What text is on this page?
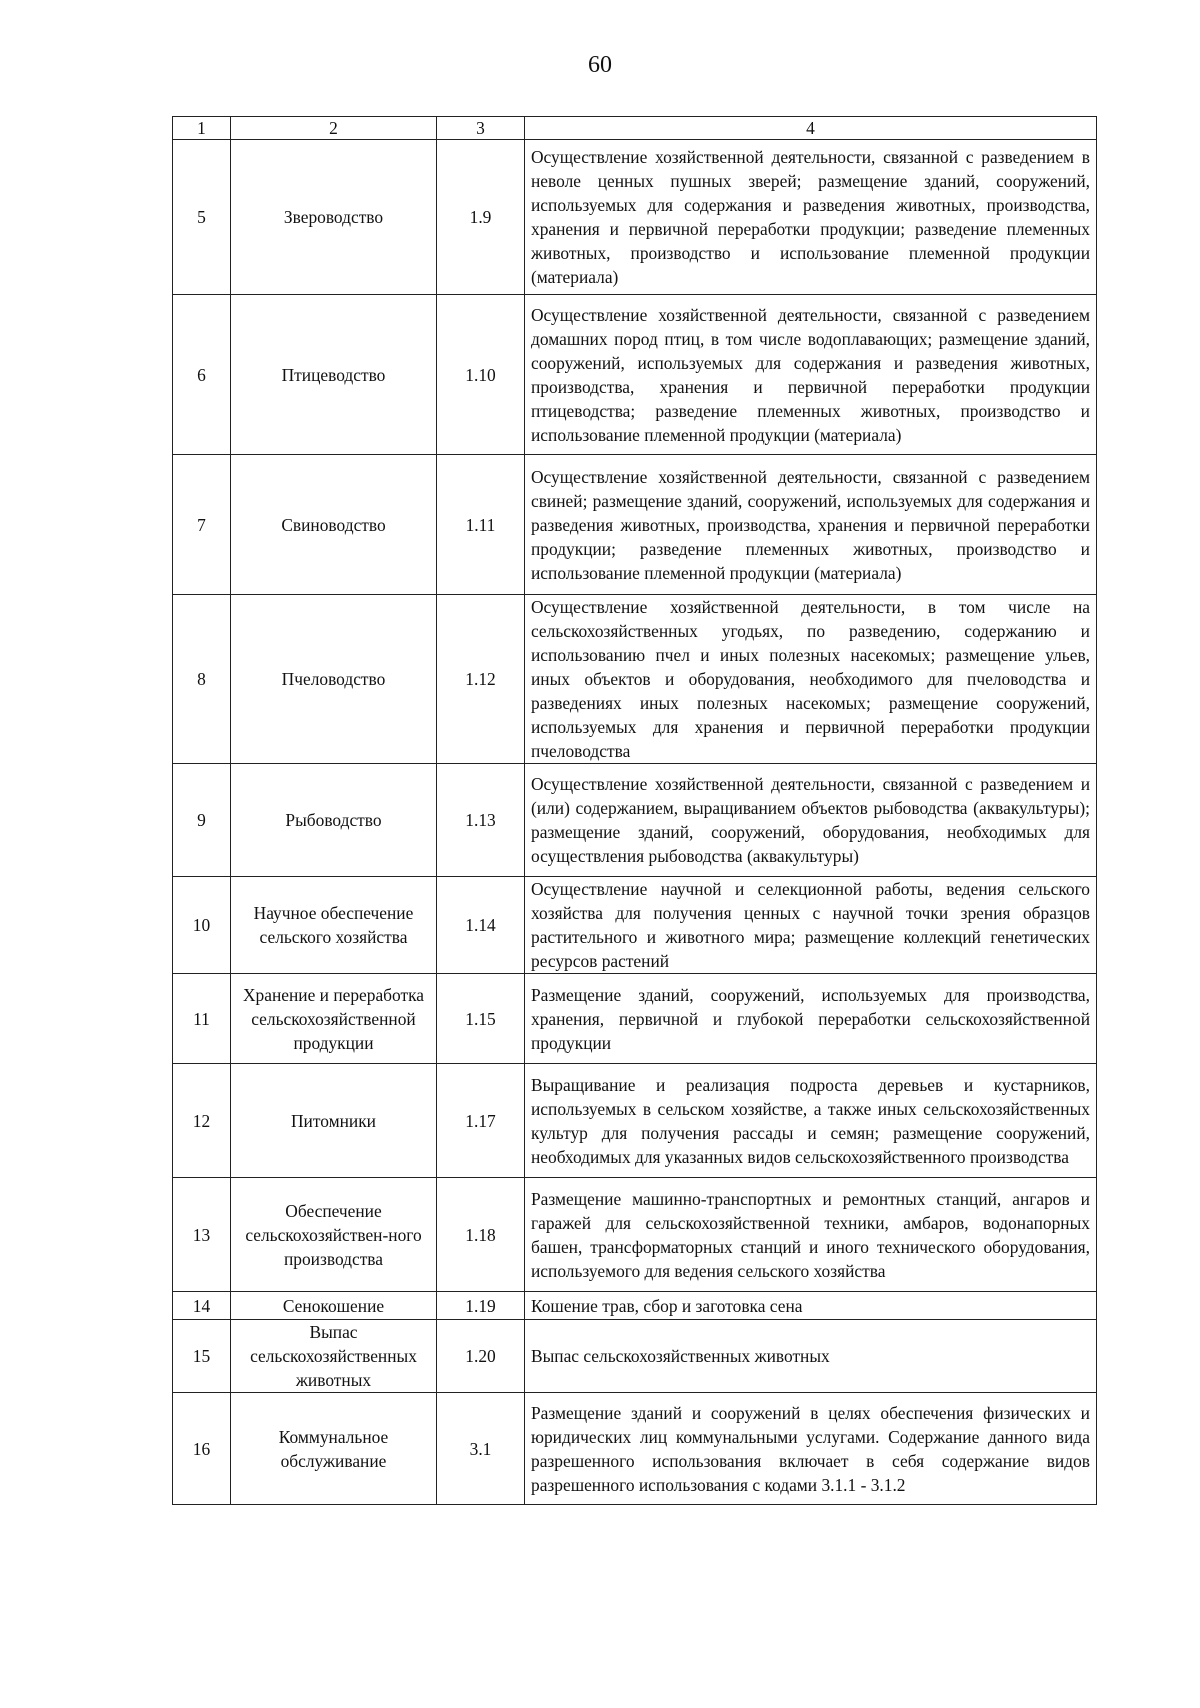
60
1	2	3	4
5	Звероводство	1.9	Осуществление хозяйственной деятельности, связанной с разведением в неволе ценных пушных зверей; размещение зданий, сооружений, используемых для содержания и разведения животных, производства, хранения и первичной переработки продукции; разведение племенных животных, производство и использование племенной продукции (материала)
6	Птицеводство	1.10	Осуществление хозяйственной деятельности, связанной с разведением домашних пород птиц, в том числе водоплавающих; размещение зданий, сооружений, используемых для содержания и разведения животных, производства, хранения и первичной переработки продукции птицеводства; разведение племенных животных, производство и использование племенной продукции (материала)
7	Свиноводство	1.11	Осуществление хозяйственной деятельности, связанной с разведением свиней; размещение зданий, сооружений, используемых для содержания и разведения животных, производства, хранения и первичной переработки продукции; разведение племенных животных, производство и использование племенной продукции (материала)
8	Пчеловодство	1.12	Осуществление хозяйственной деятельности, в том числе на сельскохозяйственных угодьях, по разведению, содержанию и использованию пчел и иных полезных насекомых; размещение ульев, иных объектов и оборудования, необходимого для пчеловодства и разведениях иных полезных насекомых; размещение сооружений, используемых для хранения и первичной переработки продукции пчеловодства
9	Рыбоводство	1.13	Осуществление хозяйственной деятельности, связанной с разведением и (или) содержанием, выращиванием объектов рыбоводства (аквакультуры); размещение зданий, сооружений, оборудования, необходимых для осуществления рыбоводства (аквакультуры)
10	Научное обеспечение сельского хозяйства	1.14	Осуществление научной и селекционной работы, ведения сельского хозяйства для получения ценных с научной точки зрения образцов растительного и животного мира; размещение коллекций генетических ресурсов растений
11	Хранение и переработка сельскохозяйственной продукции	1.15	Размещение зданий, сооружений, используемых для производства, хранения, первичной и глубокой переработки сельскохозяйственной продукции
12	Питомники	1.17	Выращивание и реализация подроста деревьев и кустарников, используемых в сельском хозяйстве, а также иных сельскохозяйственных культур для получения рассады и семян; размещение сооружений, необходимых для указанных видов сельскохозяйственного производства
13	Обеспечение сельскохозяйствен-ного производства	1.18	Размещение машинно-транспортных и ремонтных станций, ангаров и гаражей для сельскохозяйственной техники, амбаров, водонапорных башен, трансформаторных станций и иного технического оборудования, используемого для ведения сельского хозяйства
14	Сенокошение	1.19	Кошение трав, сбор и заготовка сена
15	Выпас сельскохозяйственных животных	1.20	Выпас сельскохозяйственных животных
16	Коммунальное обслуживание	3.1	Размещение зданий и сооружений в целях обеспечения физических и юридических лиц коммунальными услугами. Содержание данного вида разрешенного использования включает в себя содержание видов разрешенного использования с кодами 3.1.1 - 3.1.2
